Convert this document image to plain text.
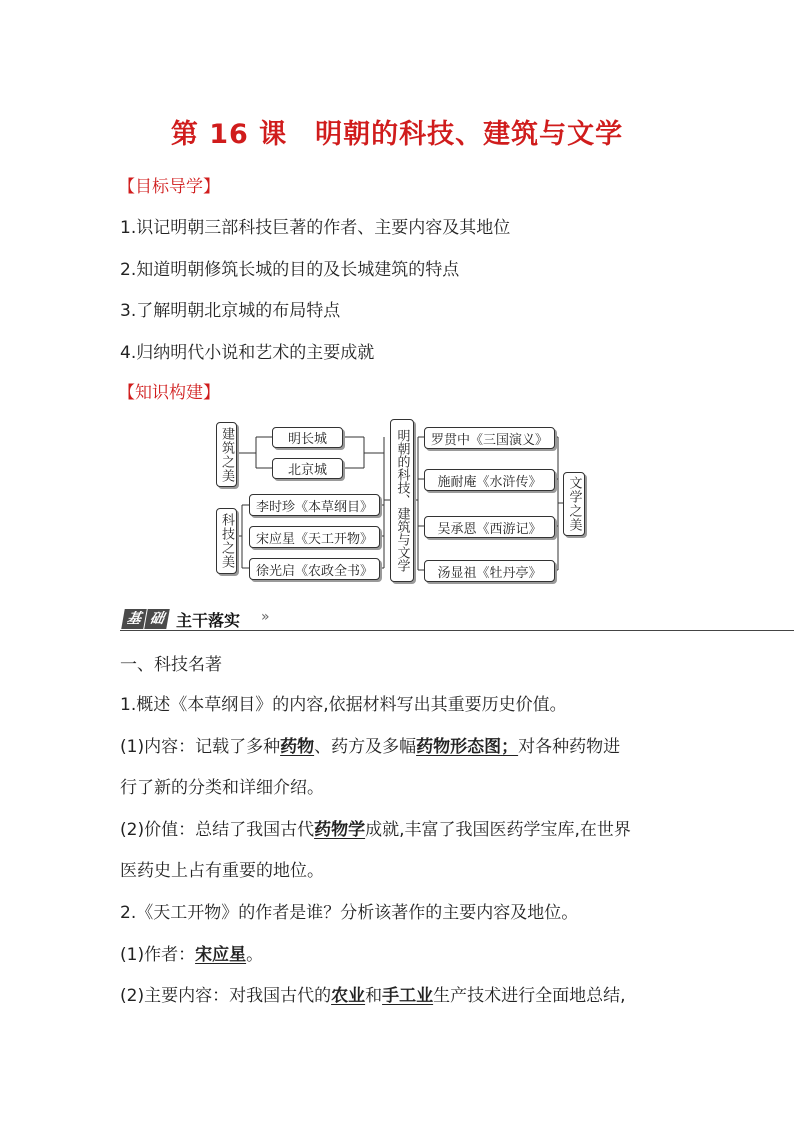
第 16 课　明朝的科技、建筑与文学
【目标导学】
1.识记明朝三部科技巨著的作者、主要内容及其地位
2.知道明朝修筑长城的目的及长城建筑的特点
3.了解明朝北京城的布局特点
4.归纳明代小说和艺术的主要成就
【知识构建】
建筑之美	明长城
北京城
科技之美
李时珍《本草纲目》
宋应星《天工开物》
徐光启《农政全书》	明朝的科技、建筑与文学	罗贯中《三国演义》
施耐庵《水浒传》
吴承恩《西游记》
汤显祖《牡丹亭》
文学之美
基 础 主干落实 »
一、科技名著
1.概述《本草纲目》的内容,依据材料写出其重要历史价值。
(1)内容：记载了多种药物、药方及多幅药物形态图；对各种药物进
行了新的分类和详细介绍。
(2)价值：总结了我国古代药物学成就,丰富了我国医药学宝库,在世界
医药史上占有重要的地位。
2.《天工开物》的作者是谁？分析该著作的主要内容及地位。
(1)作者：宋应星。
(2)主要内容：对我国古代的农业和手工业生产技术进行全面地总结,
